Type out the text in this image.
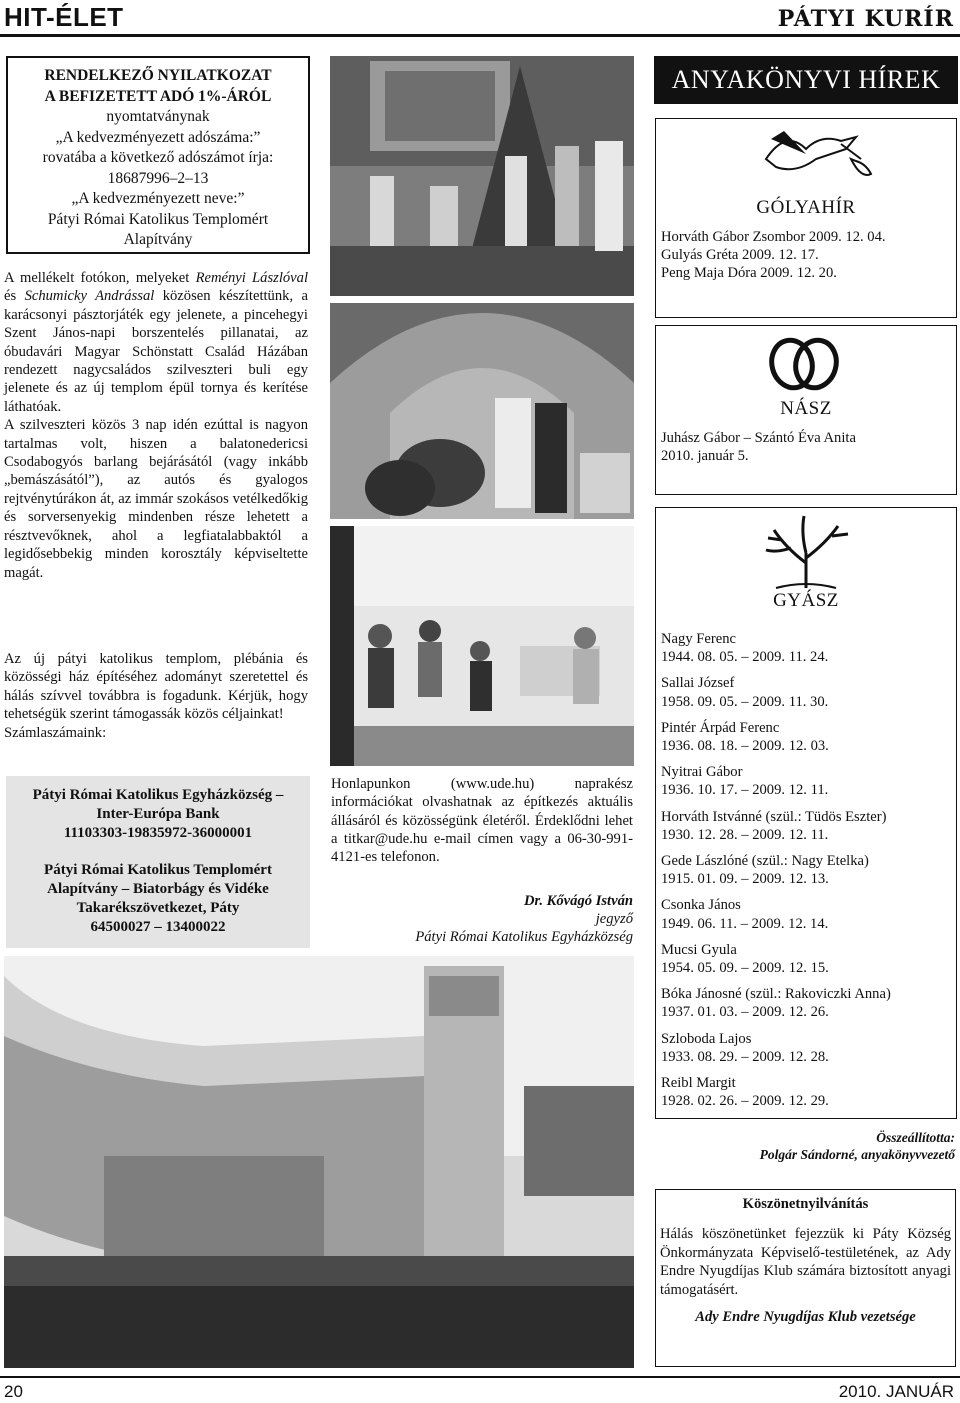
HIT-ÉLET	PÁTYI KURÍR
RENDELKEZŐ NYILATKOZAT
A BEFIZETETT ADÓ 1%-ÁRÓL
nyomtatványnak
„A kedvezményezett adószáma:”
rovatába a következő adószámot írja:
18687996–2–13
„A kedvezményezett neve:”
Pátyi Római Katolikus Templomért
Alapítvány

A mellékelt fotókon, melyeket Reményi Lászlóval és Schumicky Andrással közösen készítettünk, a karácsonyi pásztorjáték egy jelenete, a pincehegyi Szent János-napi borszentelés pillanatai, az óbudavári Magyar Schönstatt Család Házában rendezett nagycsaládos szilveszteri buli egy jelenete és az új templom épül tornya és kerítése láthatóak.

A szilveszteri közös 3 nap idén ezúttal is nagyon tartalmas volt, hiszen a balatonedericsi Csodabogyós barlang bejárásától (vagy inkább „bemászásától”), az autós és gyalogos rejtvénytúrákon át, az immár szokásos vetélkedőkig és sorversenyekig mindenben része lehetett a résztvevőknek, ahol a legfiatalabbaktól a legidősebbekig minden korosztály képviseltette magát.

Az új pátyi katolikus templom, plébánia és közösségi ház építéséhez adományt szeretettel és hálás szívvel továbbra is fogadunk. Kérjük, hogy tehetségük szerint támogassák közös céljainkat!

Számlaszámaink:

Pátyi Római Katolikus Egyházközség –
Inter-Európa Bank
11103303-19835972-36000001
Pátyi Római Katolikus Templomért
Alapítvány – Biatorbágy és Vidéke
Takarékszövetkezet, Páty
64500027 – 13400022
Honlapunkon (www.ude.hu) naprakész információkat olvashatnak az építkezés aktuális állásáról és közösségünk életéről. Érdeklődni lehet a titkar@ude.hu e-mail címen vagy a 06-30-991-4121-es telefonon.
Dr. Kővágó István
jegyző
Pátyi Római Katolikus Egyházközség
ANYAKÖNYVI HÍREK
GÓLYAHÍR
Horváth Gábor Zsombor 2009. 12. 04.
Gulyás Gréta 2009. 12. 17.
Peng Maja Dóra 2009. 12. 20.
NÁSZ
Juhász Gábor – Szántó Éva Anita
2010. január 5.
GYÁSZ
Nagy Ferenc
1944. 08. 05. – 2009. 11. 24.
Sallai József
1958. 09. 05. – 2009. 11. 30.
Pintér Árpád Ferenc
1936. 08. 18. – 2009. 12. 03.
Nyitrai Gábor
1936. 10. 17. – 2009. 12. 11.
Horváth Istvánné (szül.: Tüdös Eszter)
1930. 12. 28. – 2009. 12. 11.
Gede Lászlóné (szül.: Nagy Etelka)
1915. 01. 09. – 2009. 12. 13.
Csonka János
1949. 06. 11. – 2009. 12. 14.
Mucsi Gyula
1954. 05. 09. – 2009. 12. 15.
Bóka Jánosné (szül.: Rakoviczki Anna)
1937. 01. 03. – 2009. 12. 26.
Szloboda Lajos
1933. 08. 29. – 2009. 12. 28.
Reibl Margit
1928. 02. 26. – 2009. 12. 29.
Összeállította:
Polgár Sándorné, anyakönyvvezető
Köszönetnyilvánítás
Hálás köszönetünket fejezzük ki Páty Község Önkormányzata Képviselő-testületének, az Ady Endre Nyugdíjas Klub számára biztosított anyagi támogatásért.
Ady Endre Nyugdíjas Klub vezetsége
20	2010. JANUÁR
